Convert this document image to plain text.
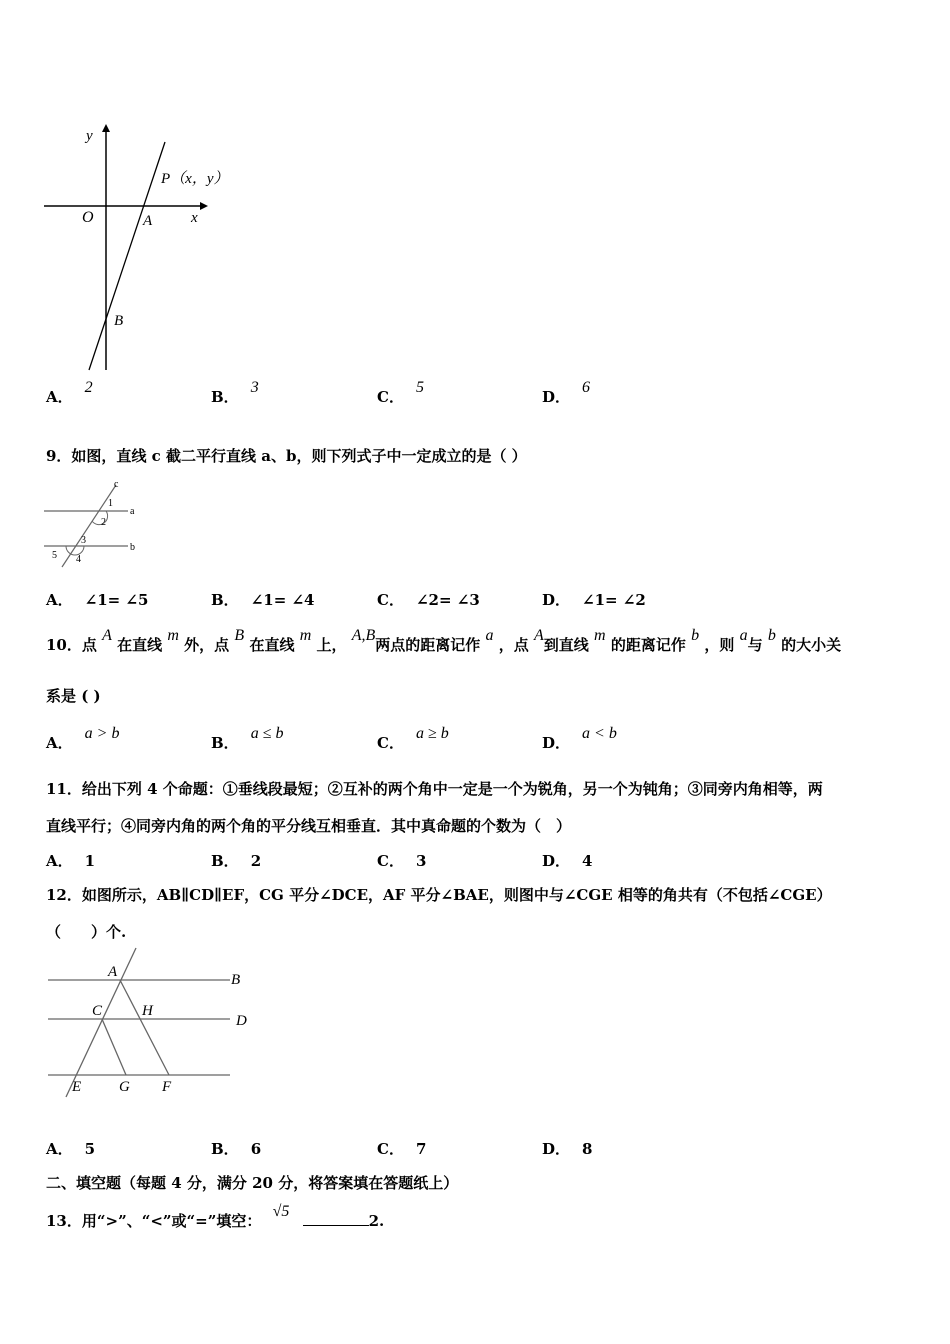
y
O	x
A
B
P（x，y）
A．2
B．3
C．5
D．6
9．如图，直线 c 截二平行直线 a、b，则下列式子中一定成立的是（ ）
c
a
b
1
2
3
4
5
A． ∠1= ∠5	B． ∠1= ∠4	C． ∠2= ∠3	D． ∠1= ∠2
10．点 A 在直线 m 外，点 B 在直线 m 上， A,B两点的距离记作 a ，点 A到直线 m 的距离记作 b ，则 a与 b 的大小关
系是 ( )
A．a > b
B．a ≤ b
C．a ≥ b
D．a < b
11．给出下列 4 个命题：①垂线段最短；②互补的两个角中一定是一个为锐角，另一个为钝角；③同旁内角相等，两
直线平行；④同旁内角的两个角的平分线互相垂直．其中真命题的个数为（　）
A． 1	B． 2	C． 3	D． 4
12．如图所示，AB∥CD∥EF，CG 平分∠DCE，AF 平分∠BAE，则图中与∠CGE 相等的角共有（不包括∠CGE）
（　　）个.
A	B
C	H
D
E	G F
A． 5	B． 6	C． 7	D． 8
二、填空题（每题 4 分，满分 20 分，将答案填在答题纸上）
13．用“>”、“<”或“=”填空： √5 2.
